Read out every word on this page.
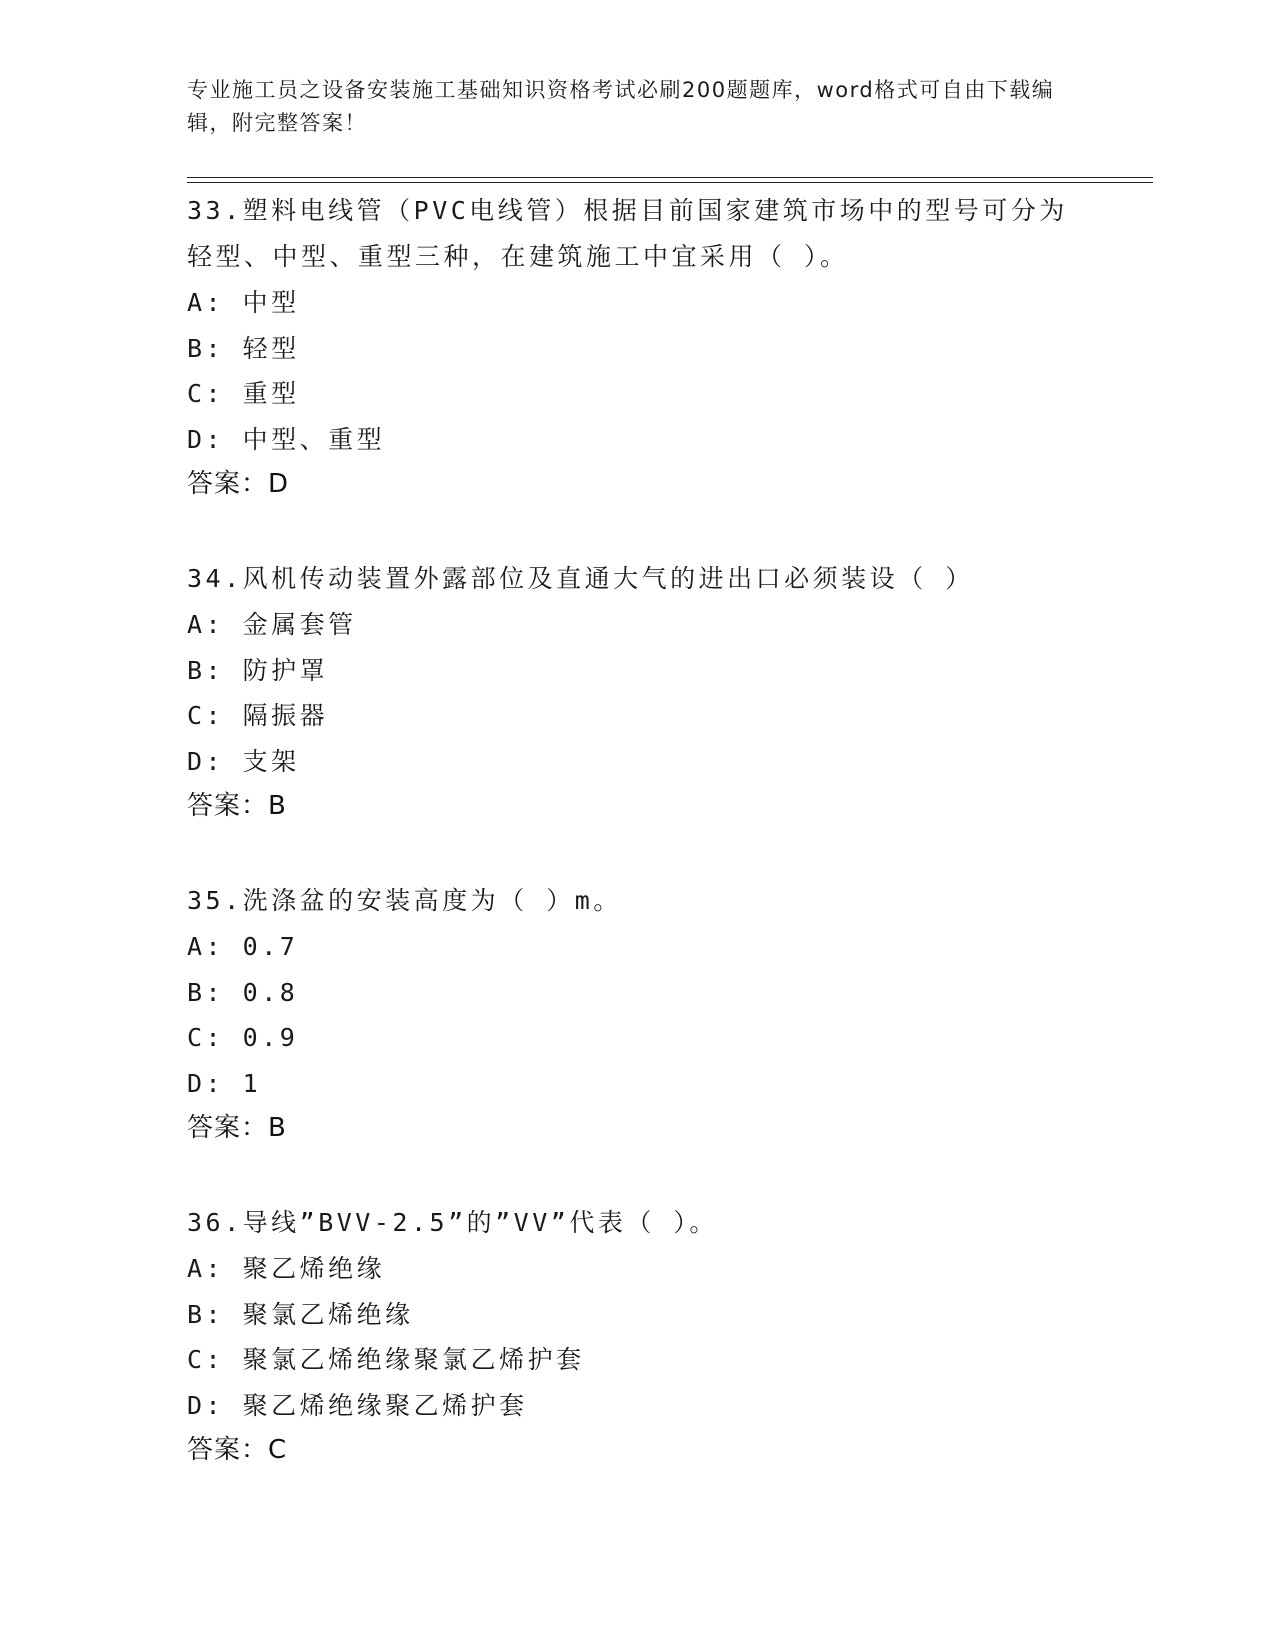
专业施工员之设备安装施工基础知识资格考试必刷200题题库，word格式可自由下载编辑，附完整答案！
33.塑料电线管（PVC电线管）根据目前国家建筑市场中的型号可分为轻型、中型、重型三种，在建筑施工中宜采用（ ）。
A: 中型
B: 轻型
C: 重型
D: 中型、重型
答案：D
34.风机传动装置外露部位及直通大气的进出口必须装设（ ）
A: 金属套管
B: 防护罩
C: 隔振器
D: 支架
答案：B
35.洗涤盆的安装高度为（ ）m。
A: 0.7
B: 0.8
C: 0.9
D: 1
答案：B
36.导线”BVV-2.5”的”VV”代表（ ）。
A: 聚乙烯绝缘
B: 聚氯乙烯绝缘
C: 聚氯乙烯绝缘聚氯乙烯护套
D: 聚乙烯绝缘聚乙烯护套
答案：C
